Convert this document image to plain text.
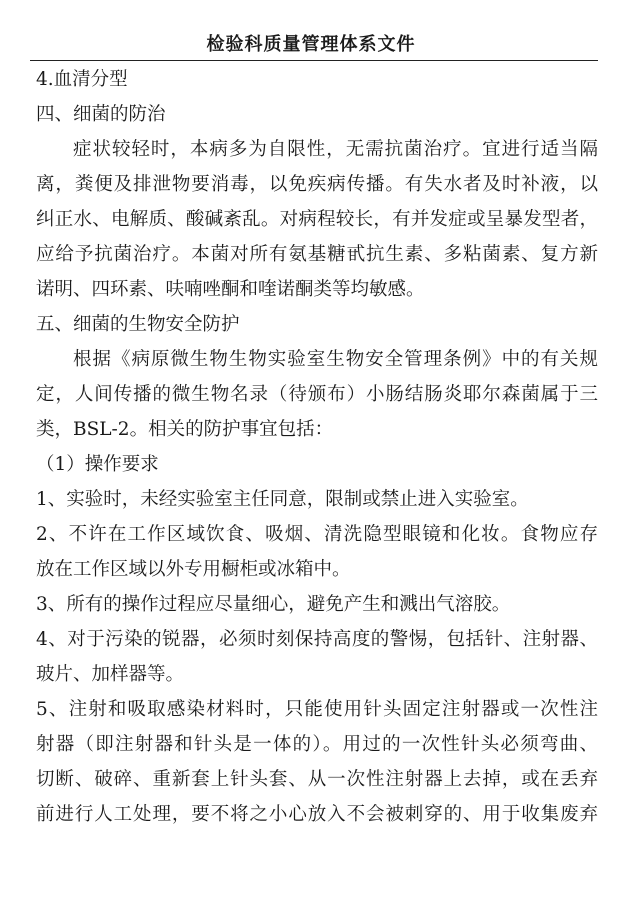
检验科质量管理体系文件
4.血清分型
四、细菌的防治
症状较轻时，本病多为自限性，无需抗菌治疗。宜进行适当隔
离，粪便及排泄物要消毒，以免疾病传播。有失水者及时补液，以
纠正水、电解质、酸碱紊乱。对病程较长，有并发症或呈暴发型者，
应给予抗菌治疗。本菌对所有氨基糖甙抗生素、多粘菌素、复方新
诺明、四环素、呋喃唑酮和喹诺酮类等均敏感。
五、细菌的生物安全防护
根据《病原微生物生物实验室生物安全管理条例》中的有关规
定，人间传播的微生物名录（待颁布）小肠结肠炎耶尔森菌属于三
类，BSL-2。相关的防护事宜包括：
（1）操作要求
1、实验时，未经实验室主任同意，限制或禁止进入实验室。
2、不许在工作区域饮食、吸烟、清洗隐型眼镜和化妆。食物应存
放在工作区域以外专用橱柜或冰箱中。
3、所有的操作过程应尽量细心，避免产生和溅出气溶胶。
4、对于污染的锐器，必须时刻保持高度的警惕，包括针、注射器、
玻片、加样器等。
5、注射和吸取感染材料时，只能使用针头固定注射器或一次性注
射器（即注射器和针头是一体的）。用过的一次性针头必须弯曲、
切断、破碎、重新套上针头套、从一次性注射器上去掉，或在丢弃
前进行人工处理，要不将之小心放入不会被刺穿的、用于收集废弃
